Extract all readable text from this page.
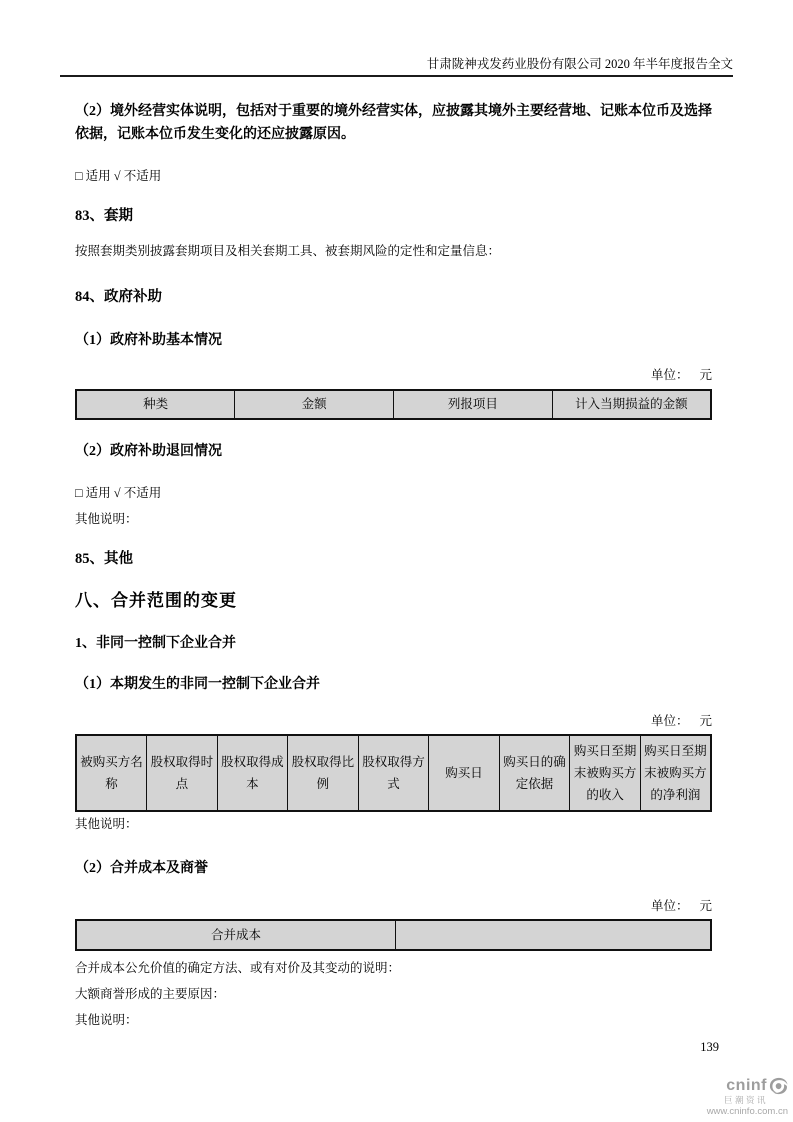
甘肃陇神戎发药业股份有限公司 2020 年半年度报告全文
（2）境外经营实体说明，包括对于重要的境外经营实体，应披露其境外主要经营地、记账本位币及选择依据，记账本位币发生变化的还应披露原因。
□ 适用 √ 不适用
83、套期
按照套期类别披露套期项目及相关套期工具、被套期风险的定性和定量信息：
84、政府补助
（1）政府补助基本情况
单位： 元
种类	金额	列报项目	计入当期损益的金额
（2）政府补助退回情况
□ 适用 √ 不适用
其他说明：
85、其他
八、合并范围的变更
1、非同一控制下企业合并
（1）本期发生的非同一控制下企业合并
单位： 元
被购买方名称	股权取得时点	股权取得成本	股权取得比例	股权取得方式	购买日	购买日的确定依据	购买日至期末被购买方的收入	购买日至期末被购买方的净利润
其他说明：
（2）合并成本及商誉
单位： 元
合并成本	
合并成本公允价值的确定方法、或有对价及其变动的说明：
大额商誉形成的主要原因：
其他说明：
139
cninf
巨潮资讯
www.cninfo.com.cn
